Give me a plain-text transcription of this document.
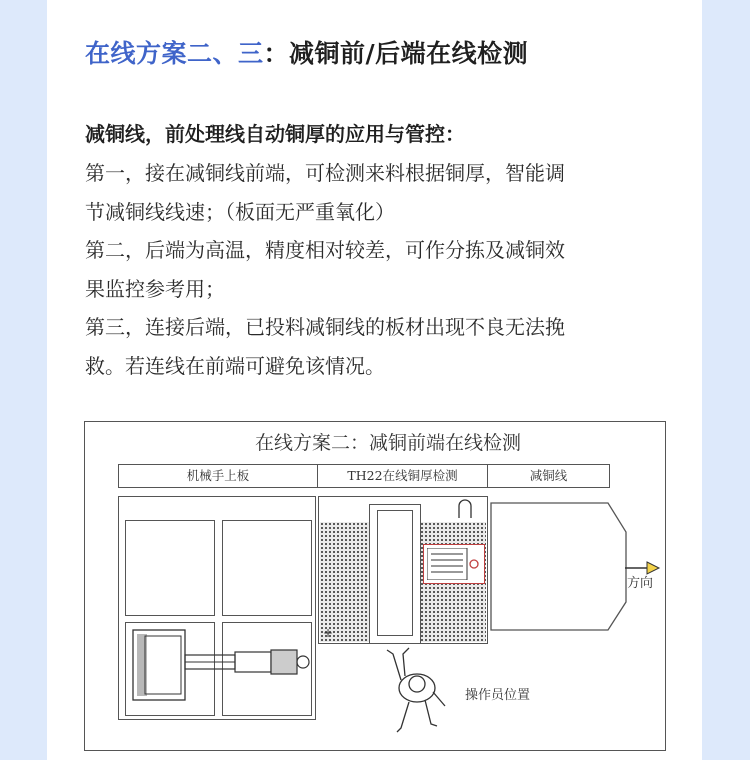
在线方案二、三：减铜前/后端在线检测
减铜线，前处理线自动铜厚的应用与管控：
第一，接在减铜线前端，可检测来料根据铜厚，智能调
节减铜线线速；（板面无严重氧化）
第二，后端为高温，精度相对较差，可作分拣及减铜效
果监控参考用；
第三，连接后端，已投料减铜线的板材出现不良无法挽
救。若连线在前端可避免该情况。
在线方案二：减铜前端在线检测
机械手上板	TH22在线铜厚检测	减铜线
+
方向
操作员位置
